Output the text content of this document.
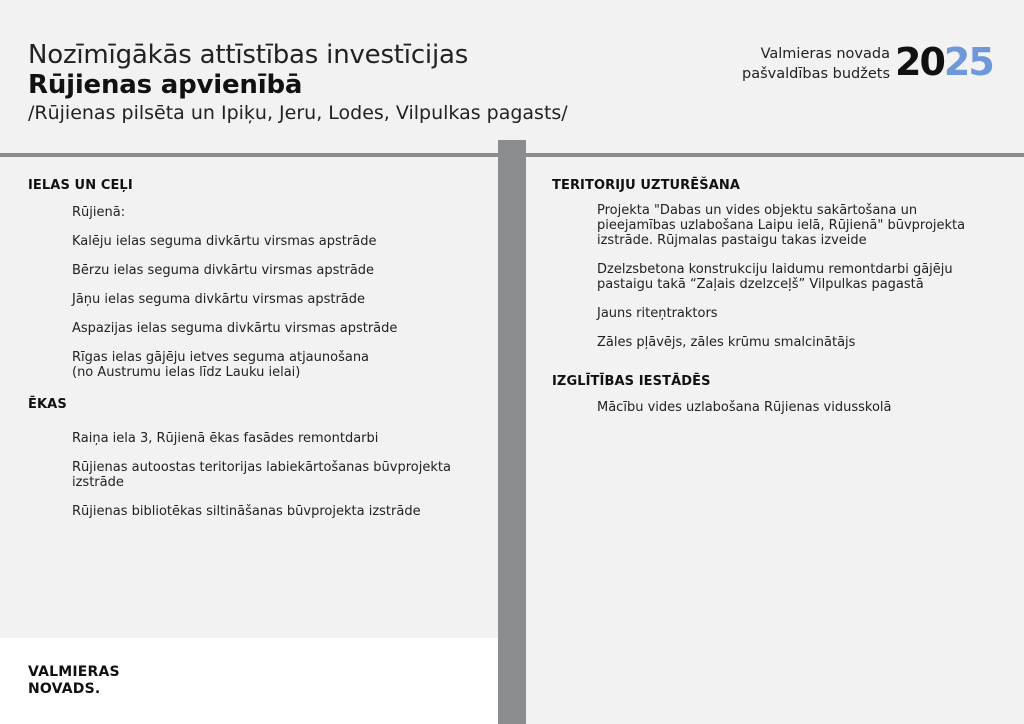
Nozīmīgākās attīstības investīcijas
Rūjienas apvienībā
/Rūjienas pilsēta un Ipiķu, Jeru, Lodes, Vilpulkas pagasts/
Valmieras novada
pašvaldības budžets 2025
IELAS UN CEĻI
Rūjienā:
Kalēju ielas seguma divkārtu virsmas apstrāde
Bērzu ielas seguma divkārtu virsmas apstrāde
Jāņu ielas seguma divkārtu virsmas apstrāde
Aspazijas ielas seguma divkārtu virsmas apstrāde
Rīgas ielas gājēju ietves seguma atjaunošana
(no Austrumu ielas līdz Lauku ielai)
ĒKAS
Raiņa iela 3, Rūjienā ēkas fasādes remontdarbi
Rūjienas autoostas teritorijas labiekārtošanas būvprojekta
izstrāde
Rūjienas bibliotēkas siltināšanas būvprojekta izstrāde
TERITORIJU UZTURĒŠANA
Projekta "Dabas un vides objektu sakārtošana un
pieejamības uzlabošana Laipu ielā, Rūjienā" būvprojekta
izstrāde. Rūjmalas pastaigu takas izveide
Dzelzsbetona konstrukciju laidumu remontdarbi gājēju
pastaigu takā “Zaļais dzelzceļš” Vilpulkas pagastā
Jauns riteņtraktors
Zāles pļāvējs, zāles krūmu smalcinātājs
IZGLĪTĪBAS IESTĀDĒS
Mācību vides uzlabošana Rūjienas vidusskolā
VALMIERAS
NOVADS.
